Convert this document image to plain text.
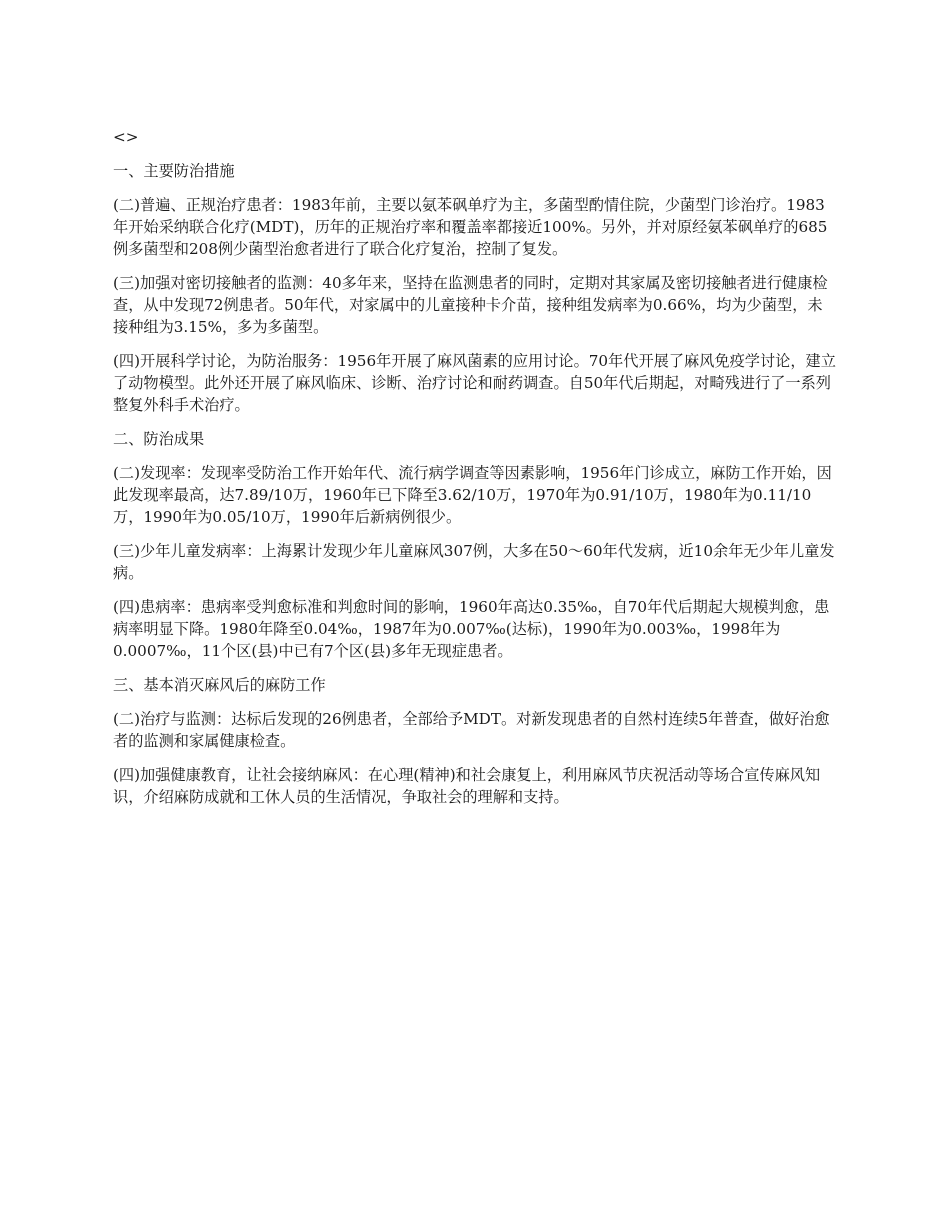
<>

一、主要防治措施

(二)普遍、正规治疗患者：1983年前，主要以氨苯砜单疗为主，多菌型酌情住院，少菌型门诊治疗。1983年开始采纳联合化疗(MDT)，历年的正规治疗率和覆盖率都接近100%。另外，并对原经氨苯砜单疗的685例多菌型和208例少菌型治愈者进行了联合化疗复治，控制了复发。

(三)加强对密切接触者的监测：40多年来，坚持在监测患者的同时，定期对其家属及密切接触者进行健康检查，从中发现72例患者。50年代，对家属中的儿童接种卡介苗，接种组发病率为0.66%，均为少菌型，未接种组为3.15%，多为多菌型。

(四)开展科学讨论，为防治服务：1956年开展了麻风菌素的应用讨论。70年代开展了麻风免疫学讨论，建立了动物模型。此外还开展了麻风临床、诊断、治疗讨论和耐药调查。自50年代后期起，对畸残进行了一系列整复外科手术治疗。

二、防治成果

(二)发现率：发现率受防治工作开始年代、流行病学调查等因素影响，1956年门诊成立，麻防工作开始，因此发现率最高，达7.89/10万，1960年已下降至3.62/10万，1970年为0.91/10万，1980年为0.11/10万，1990年为0.05/10万，1990年后新病例很少。

(三)少年儿童发病率：上海累计发现少年儿童麻风307例，大多在50～60年代发病，近10余年无少年儿童发病。

(四)患病率：患病率受判愈标准和判愈时间的影响，1960年高达0.35‰，自70年代后期起大规模判愈，患病率明显下降。1980年降至0.04‰，1987年为0.007‰(达标)，1990年为0.003‰，1998年为0.0007‰，11个区(县)中已有7个区(县)多年无现症患者。

三、基本消灭麻风后的麻防工作

(二)治疗与监测：达标后发现的26例患者，全部给予MDT。对新发现患者的自然村连续5年普查，做好治愈者的监测和家属健康检查。

(四)加强健康教育，让社会接纳麻风：在心理(精神)和社会康复上，利用麻风节庆祝活动等场合宣传麻风知识，介绍麻防成就和工休人员的生活情况，争取社会的理解和支持。
